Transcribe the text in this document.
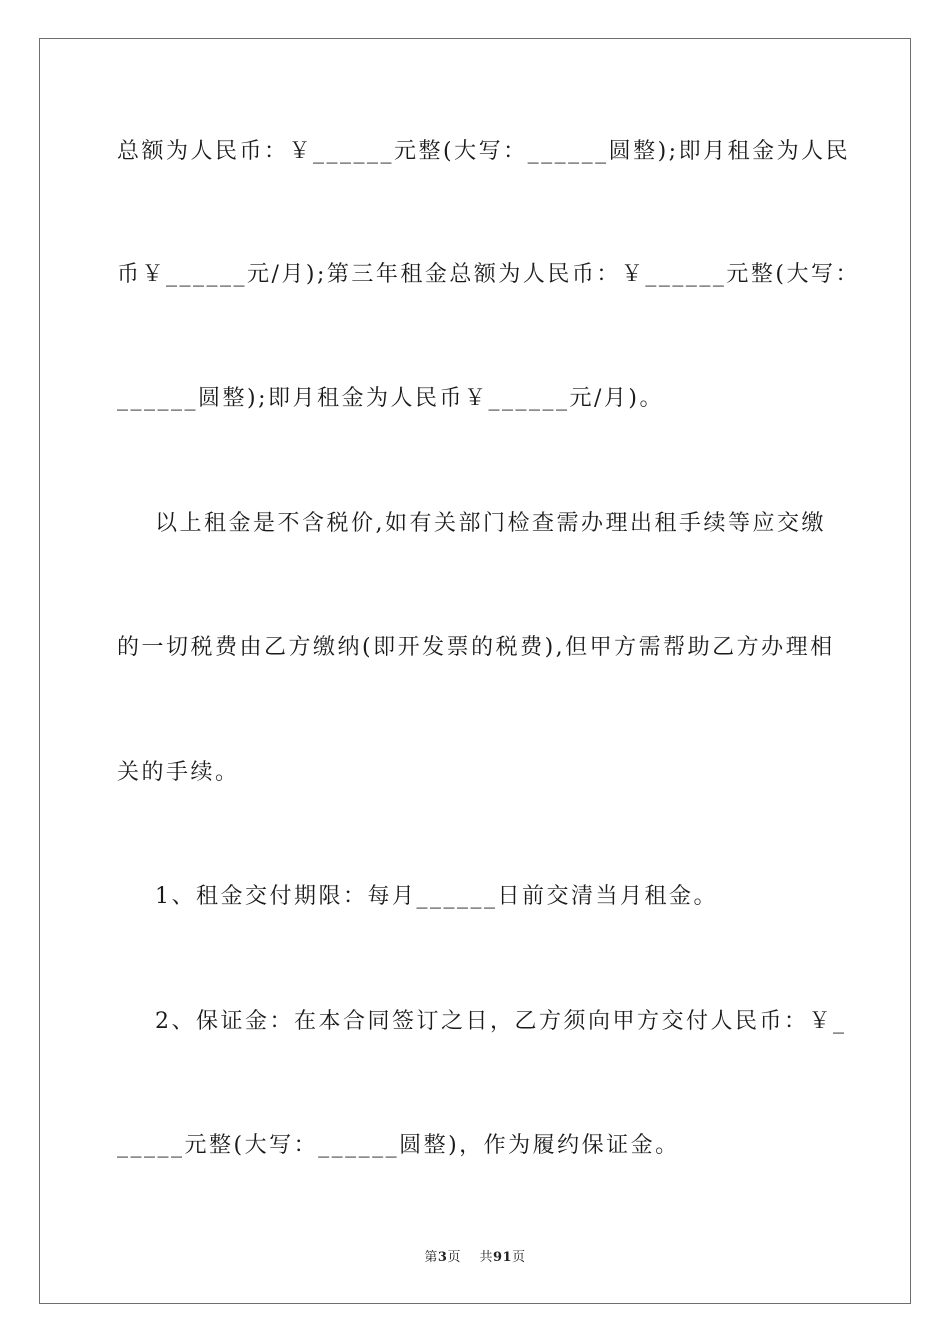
总额为人民币：￥______元整(大写：______圆整);即月租金为人民
币￥______元/月);第三年租金总额为人民币：￥______元整(大写：
______圆整);即月租金为人民币￥______元/月)。
以上租金是不含税价,如有关部门检查需办理出租手续等应交缴
的一切税费由乙方缴纳(即开发票的税费),但甲方需帮助乙方办理相
关的手续。
1、租金交付期限：每月______日前交清当月租金。
2、保证金：在本合同签订之日，乙方须向甲方交付人民币：￥_
_____元整(大写：______圆整)，作为履约保证金。
第3页 共91页
